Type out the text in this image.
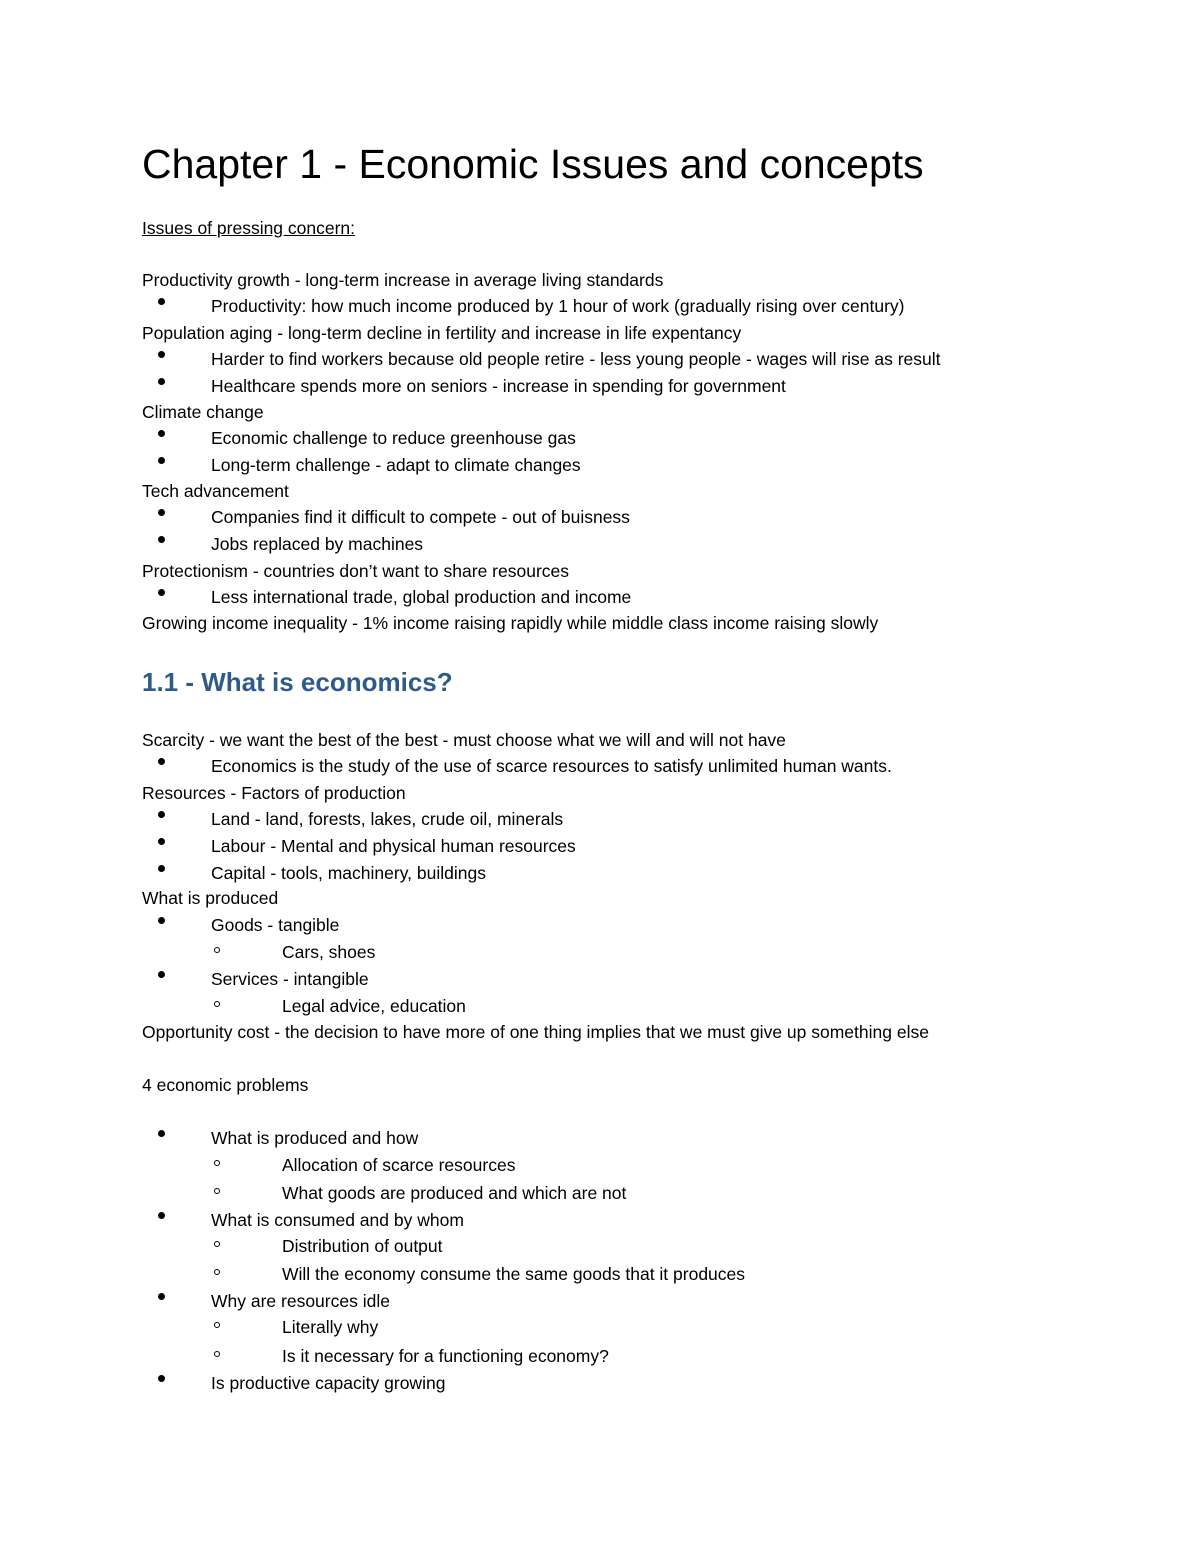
Chapter 1 - Economic Issues and concepts
Issues of pressing concern:
Productivity growth - long-term increase in average living standards
Productivity: how much income produced by 1 hour of work (gradually rising over century)
Population aging - long-term decline in fertility and increase in life expentancy
Harder to find workers because old people retire - less young people - wages will rise as result
Healthcare spends more on seniors - increase in spending for government
Climate change
Economic challenge to reduce greenhouse gas
Long-term challenge - adapt to climate changes
Tech advancement
Companies find it difficult to compete - out of buisness
Jobs replaced by machines
Protectionism - countries don’t want to share resources
Less international trade, global production and income
Growing income inequality - 1% income raising rapidly while middle class income raising slowly
1.1 - What is economics?
Scarcity - we want the best of the best - must choose what we will and will not have
Economics is the study of the use of scarce resources to satisfy unlimited human wants.
Resources - Factors of production
Land - land, forests, lakes, crude oil, minerals
Labour - Mental and physical human resources
Capital - tools, machinery, buildings
What is produced
Goods - tangible
Cars, shoes
Services - intangible
Legal advice, education
Opportunity cost - the decision to have more of one thing implies that we must give up something else
4 economic problems
What is produced and how
Allocation of scarce resources
What goods are produced and which are not
What is consumed and by whom
Distribution of output
Will the economy consume the same goods that it produces
Why are resources idle
Literally why
Is it necessary for a functioning economy?
Is productive capacity growing
